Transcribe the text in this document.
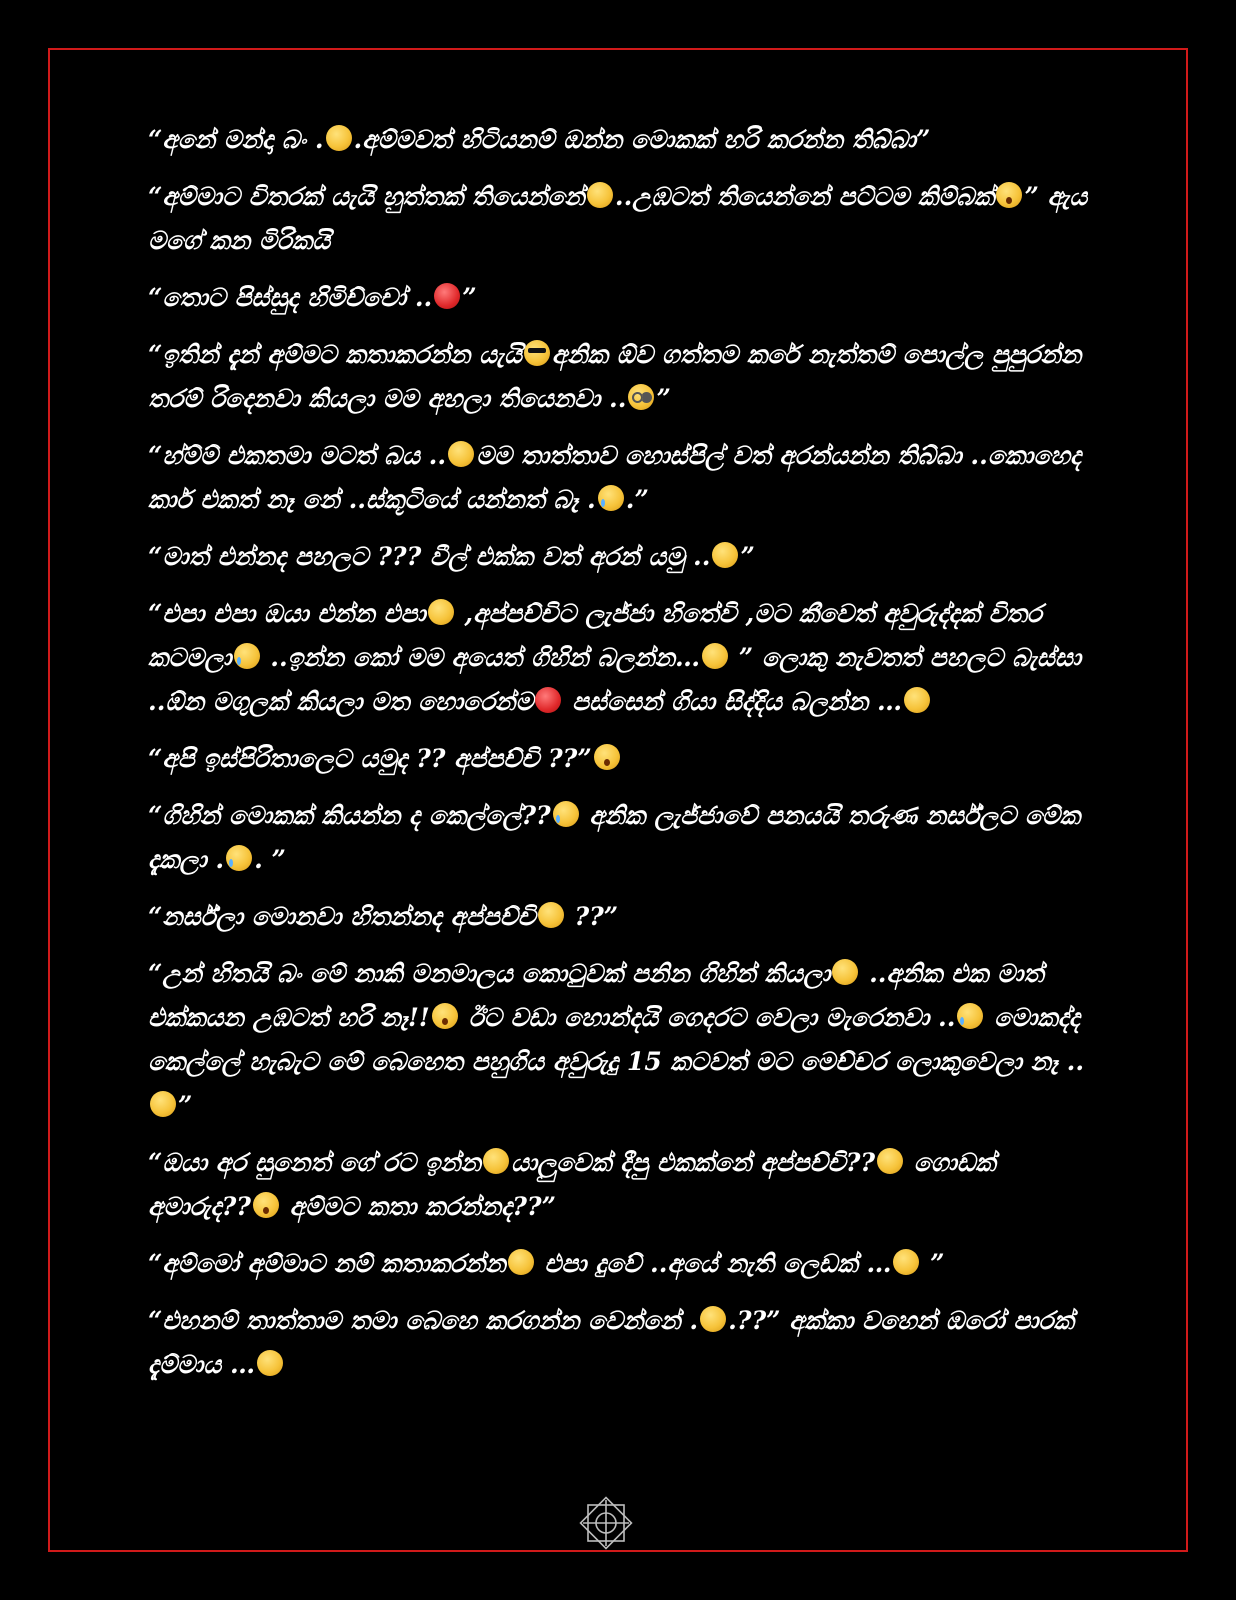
“අනේ මන්දා බං . .අම්මවත් හිටියනම් ඔන්න මොකක් හරි කරන්න තිබ්බා”

“අම්මාට විතරක් යැයි හුත්තක් තියෙන්නේ ..උඹටත් තියෙන්නේ පට්ටම කිම්බක් ” ඇය මගේ කන මිරිකයි

“තොට පිස්සුද හිමිච්චෝ .. ”

“ඉතින් දැන් අම්මට කතාකරන්න යැයි අනික ඕව ගත්තම කරේ නැත්තම් පොල්ල පුපුරන්න තරම් රිදෙනවා කියලා මම අහලා තියෙනවා .. ”

“හ්ම්ම් එකතමා මටත් බය .. මම තාත්තාව හොස්පිල් වත් අරන්යන්න තිබ්බා ..කොහෙද කාර් එකත් නෑ නේ ..ස්කූටියේ යන්නත් බෑ . .”

“මාත් එන්නද පහලට ??? වීල් එක්ක වත් අරන් යමු .. ”

“එපා එපා ඔයා එන්න එපා ,අප්පච්චිට ලැජ්ජා හිතේවි ,මට කීවෙත් අවුරුද්දක් විතර කටමලා ..ඉන්න කෝ මම අයෙත් ගිහින් බලන්න… ” ලොකු නැවතත් පහලට බැස්සා ..ඕන මගුලක් කියලා මත හොරෙන්ම පස්සෙන් ගියා සිද්දිය බලන්න …

“අපි ඉස්පිරිතාලෙට යමුද ?? අප්පච්චි ??”

“ගිහින් මොකක් කියන්න ද කෙල්ලේ?? අනික ලැජ්ජාවේ පනයයි තරුණ නර්ස්ලට මේක දැකලා . . ”

“නර්ස්ලා මොනවා හිතන්නද අප්පච්චි ??”

“උන් හිතයි බං මේ නාකි මනමාලය කොටුවක් පනින ගිහින් කියලා ..අනික එක මාත් එක්කයන උඹටත් හරි නෑ!! ඊට වඩා හොන්දයි ගෙදරට වෙලා මැරෙනවා .. මොකද්ද කෙල්ලේ හැබැට මේ බෙහෙත පහුගිය අවුරුදු 15 කටවත් මට මෙච්චර ලොකුවෙලා නෑ ..”

“ඔයා අර සුනෙත් ගේ රට ඉන්න යාලුවෙක් දීපු එකක්නේ අප්පච්චි?? ගොඩක් අමාරුද?? අම්මට කතා කරන්නද??”

“අම්මෝ අම්මාට නම් කතාකරන්න එපා දුවේ ..අයේ නැති ලෙඩක් … ”

“එහනම් තාත්තාම තමා බෙහෙ කරගන්න වෙන්නේ . .??” අක්කා වහෙන් ඔරෝ පාරක් දැම්මාය …
